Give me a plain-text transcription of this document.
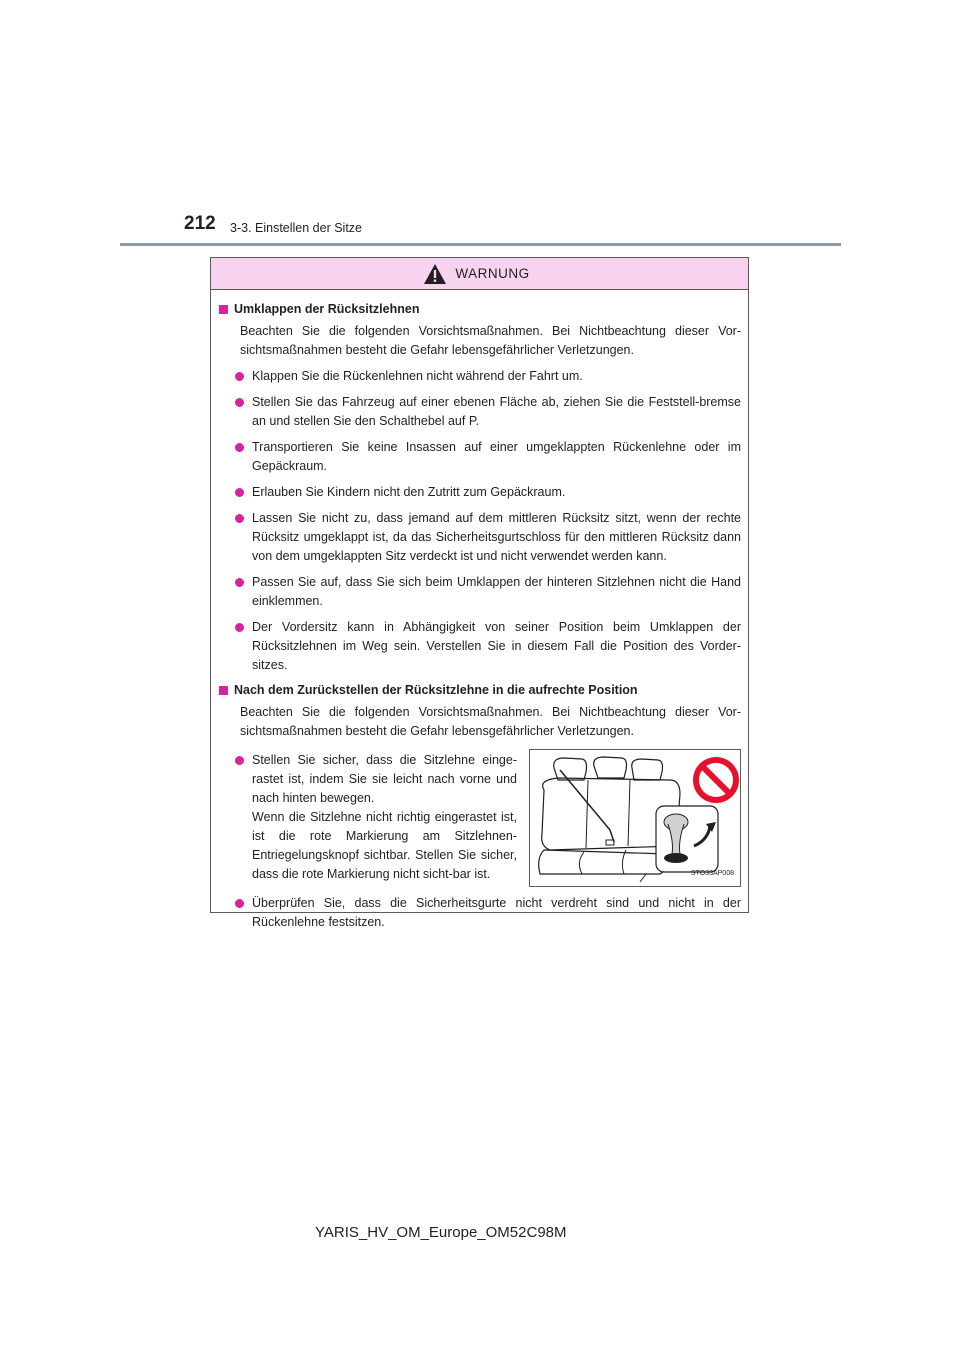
212 3-3. Einstellen der Sitze
WARNUNG
Umklappen der Rücksitzlehnen
Beachten Sie die folgenden Vorsichtsmaßnahmen. Bei Nichtbeachtung dieser Vor-sichtsmaßnahmen besteht die Gefahr lebensgefährlicher Verletzungen.
Klappen Sie die Rückenlehnen nicht während der Fahrt um.
Stellen Sie das Fahrzeug auf einer ebenen Fläche ab, ziehen Sie die Feststell-bremse an und stellen Sie den Schalthebel auf P.
Transportieren Sie keine Insassen auf einer umgeklappten Rückenlehne oder im Gepäckraum.
Erlauben Sie Kindern nicht den Zutritt zum Gepäckraum.
Lassen Sie nicht zu, dass jemand auf dem mittleren Rücksitz sitzt, wenn der rechte Rücksitz umgeklappt ist, da das Sicherheitsgurtschloss für den mittleren Rücksitz dann von dem umgeklappten Sitz verdeckt ist und nicht verwendet werden kann.
Passen Sie auf, dass Sie sich beim Umklappen der hinteren Sitzlehnen nicht die Hand einklemmen.
Der Vordersitz kann in Abhängigkeit von seiner Position beim Umklappen der Rücksitzlehnen im Weg sein. Verstellen Sie in diesem Fall die Position des Vorder-sitzes.
Nach dem Zurückstellen der Rücksitzlehne in die aufrechte Position
Beachten Sie die folgenden Vorsichtsmaßnahmen. Bei Nichtbeachtung dieser Vor-sichtsmaßnahmen besteht die Gefahr lebensgefährlicher Verletzungen.
Stellen Sie sicher, dass die Sitzlehne einge-rastet ist, indem Sie sie leicht nach vorne und nach hinten bewegen.
Wenn die Sitzlehne nicht richtig eingerastet ist, ist die rote Markierung am Sitzlehnen-Entriegelungsknopf sichtbar. Stellen Sie sicher, dass die rote Markierung nicht sicht-bar ist.	STO33AP008
Überprüfen Sie, dass die Sicherheitsgurte nicht verdreht sind und nicht in der Rückenlehne festsitzen.
YARIS_HV_OM_Europe_OM52C98M
